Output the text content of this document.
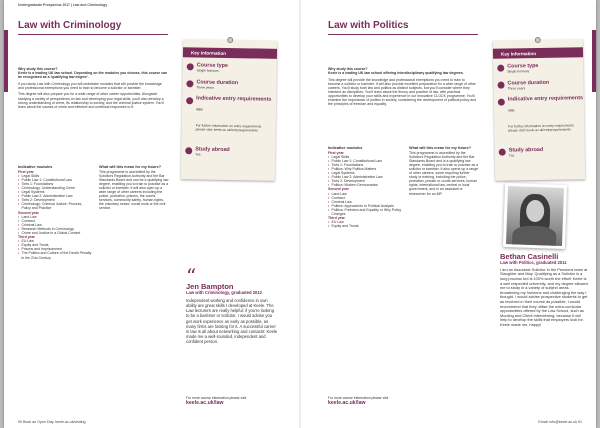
Undergraduate Prospectus 2017 | Law and Criminology
Law with Criminology
Why study this course?

Keele is a leading UK law school. Depending on the modules you choose, this course can be recognised as a 'qualifying law degree'.

If you study Law with Criminology you will undertake modules that will provide the knowledge and professional exemptions you need to train to become a solicitor or barrister.

This degree will also prepare you for a wide range of other career opportunities. Alongside studying a variety of perspectives on law and developing your legal skills, you'll also develop a strong understanding of crime, its relationship to society, and the criminal justice system. You'll learn about the causes of crime and effective and unethical responses to it.

Indicative modules
First year
• Legal Skills
• Public Law 1: Constitutional Law
• Torts 1: Foundations
• Criminology: Understanding Crime
• Legal Systems
• Public Law 2: Administrative Law
• Torts 2: Development
• Criminology: Criminal Justice: Process, Policy and Practice
Second year
• Land Law
• Contract
• Criminal Law
• Research Methods in Criminology
• Crime and Justice in a Global Context
Third year
• EU Law
• Equity and Trusts
• Prisons and Imprisonment
• The Politics and Culture of the Death Penalty in the 21st Century
What will this mean for my future?

This programme is accredited by the Solicitors Regulation Authority and the Bar Standards Board and can be a qualifying law degree, enabling you to train to practise as a solicitor or barrister. It will also open up a wide range of other careers including the police, probation, prisons, the courts services, community safety, human rights, the voluntary sector, social work or the civil service.

Key Information
Course type
Single honours
Course duration
Three years
Indicative entry requirements
ABB
For further information on entry requirements please visit: keele.ac.uk/entryrequirements
Study abroad
Yes
“
Jen Bampton
Law with Criminology, graduated 2012
Independent working and confidence in own ability are great skills I developed at Keele. The Law lecturers are really helpful: if you're looking to be a barrister or solicitor, I would advise you get work experience as early as possible, as many firms are looking for it. A successful career in law is all about networking and contacts: Keele made me a well-rounded, independent and confident person.
For more course information please visit
keele.ac.uk/law
90 Book an Open Day: keele.ac.uk/visiting
Law with Politics
Why study this course?

Keele is a leading UK law school offering interdisciplinary qualifying law degrees.

This degree will provide the knowledge and professional exemptions you need to train to become a solicitor or barrister. It will also provide excellent preparation for a wide range of other careers. You'll study both law and politics as distinct subjects, but you'll consider where they intersect as disciplines. You'll learn about the theory and practice of law, with practical opportunities to develop your skills and experience in our innovative CLOCK programme. You'll examine the importance of politics in society, considering the development of political policy and the principles of freedom and equality.

Indicative modules
First year
• Legal Skills
• Public Law 1: Constitutional Law
• Torts 1: Foundations
• Politics: Why Politics Matters
• Legal Systems
• Public Law 2: Administrative Law
• Torts 2: Development
• Politics: Modern Democracies
Second year
• Land Law
• Contract
• Criminal Law
• Politics: Approaches to Political Analysis
• Politics: Freedom and Equality or Why Policy Changes
Third year
• EU Law
• Equity and Trusts
What will this mean for my future?

This programme is accredited by the Solicitors Regulation Authority and the Bar Standards Board and is a qualifying law degree, enabling you to train to practise as a solicitor or barrister. It also opens up a range of other careers, some requiring further study or training, including the police, probation, private or courts services, human rights, international law, central or local government, and in an assistant or researcher for an MP.

Key Information
Course type
Single honours
Course duration
Three years
Indicative entry requirements
ABB
For further information on entry requirements please visit: keele.ac.uk/entryrequirements
Study abroad
Yes
Bethan Casinelli
Law with Politics, graduated 2011
I am an Associate Solicitor in the Pensions team at Slaughter and May. Qualifying as a Solicitor is a long process but is 100% worth the effort! Keele is a well respected university, and my degree allowed me to study in a variety of subject areas, broadening my horizons and challenging the way I thought. I would advise prospective students to get as involved in their course as possible. I would recommend that they utilise the extra-curricular opportunities offered by the Law School, such as Mooting and Client Interviewing, because it will help to develop the skills that employers look for. Keele made me, happy!
For more course information please visit
keele.ac.uk/law
Email: info@keele.ac.uk 91
